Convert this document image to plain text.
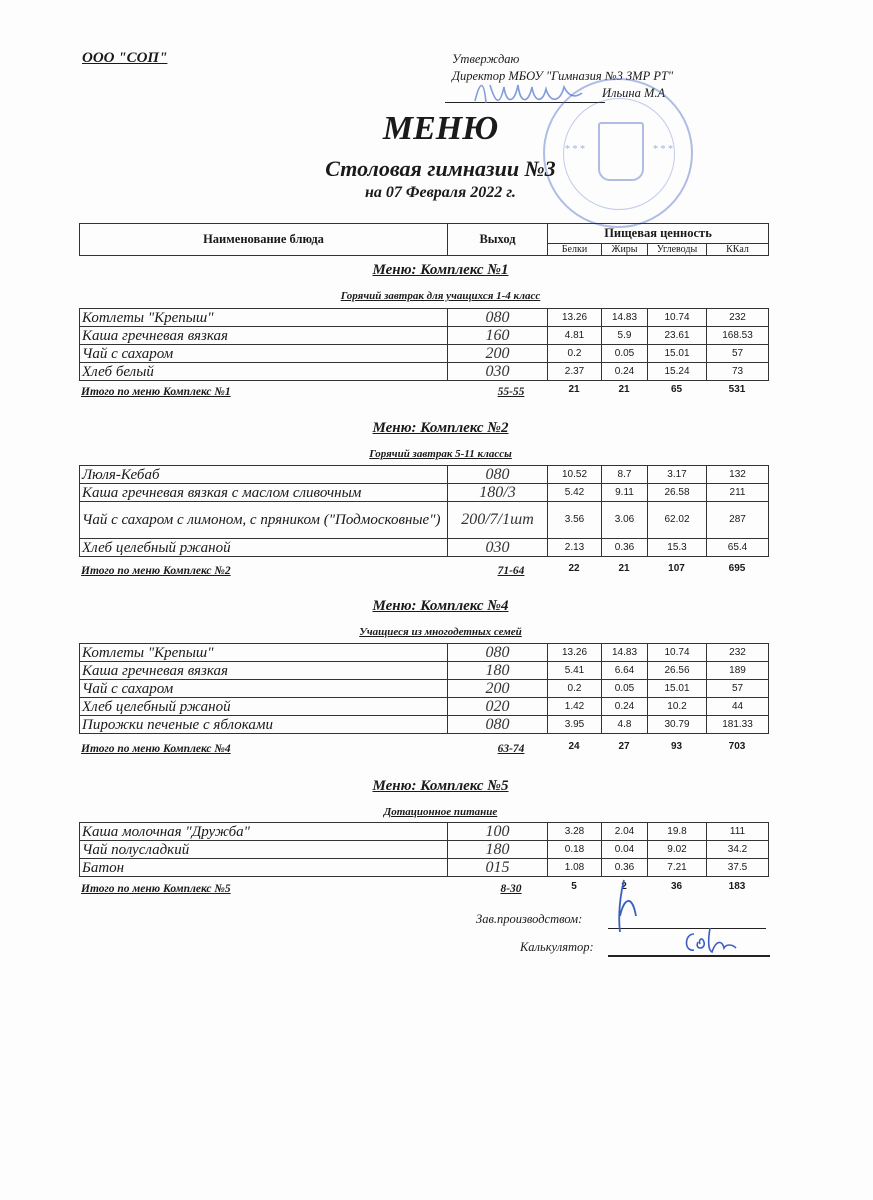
ООО "СОП"	Утверждаю
Директор МБОУ "Гимназия №3 ЗМР РТ"
Ильина М.А
* * *	* * *
МЕНЮ
Столовая гимназии №3
на 07 Февраля 2022 г.
Наименование блюда	Выход	Пищевая ценность			
		Белки	Жиры	Углеводы	ККал
Меню: Комплекс №1
Горячий завтрак для учащихся 1-4 класс
Котлеты "Крепыш"	080	13.26	14.83	10.74	232
Каша гречневая вязкая	160	4.81	5.9	23.61	168.53
Чай с сахаром	200	0.2	0.05	15.01	57
Хлеб белый	030	2.37	0.24	15.24	73
Итого по меню Комплекс №1	55-55	21	21	65	531
Меню: Комплекс №2
Горячий завтрак 5-11 классы
Люля-Кебаб	080	10.52	8.7	3.17	132
Каша гречневая вязкая с маслом сливочным	180/3	5.42	9.11	26.58	211
Чай с сахаром с лимоном, с пряником ("Подмосковные")	200/7/1шт	3.56	3.06	62.02	287
Хлеб целебный ржаной	030	2.13	0.36	15.3	65.4
Итого по меню Комплекс №2	71-64	22	21	107	695
Меню: Комплекс №4
Учащиеся из многодетных семей
Котлеты "Крепыш"	080	13.26	14.83	10.74	232
Каша гречневая вязкая	180	5.41	6.64	26.56	189
Чай с сахаром	200	0.2	0.05	15.01	57
Хлеб целебный ржаной	020	1.42	0.24	10.2	44
Пирожки печеные с яблоками	080	3.95	4.8	30.79	181.33
Итого по меню Комплекс №4	63-74	24	27	93	703
Меню: Комплекс №5
Дотационное питание
Каша молочная "Дружба"	100	3.28	2.04	19.8	111
Чай полусладкий	180	0.18	0.04	9.02	34.2
Батон	015	1.08	0.36	7.21	37.5
Итого по меню Комплекс №5	8-30	5	2	36	183
Зав.производством:
Калькулятор:
